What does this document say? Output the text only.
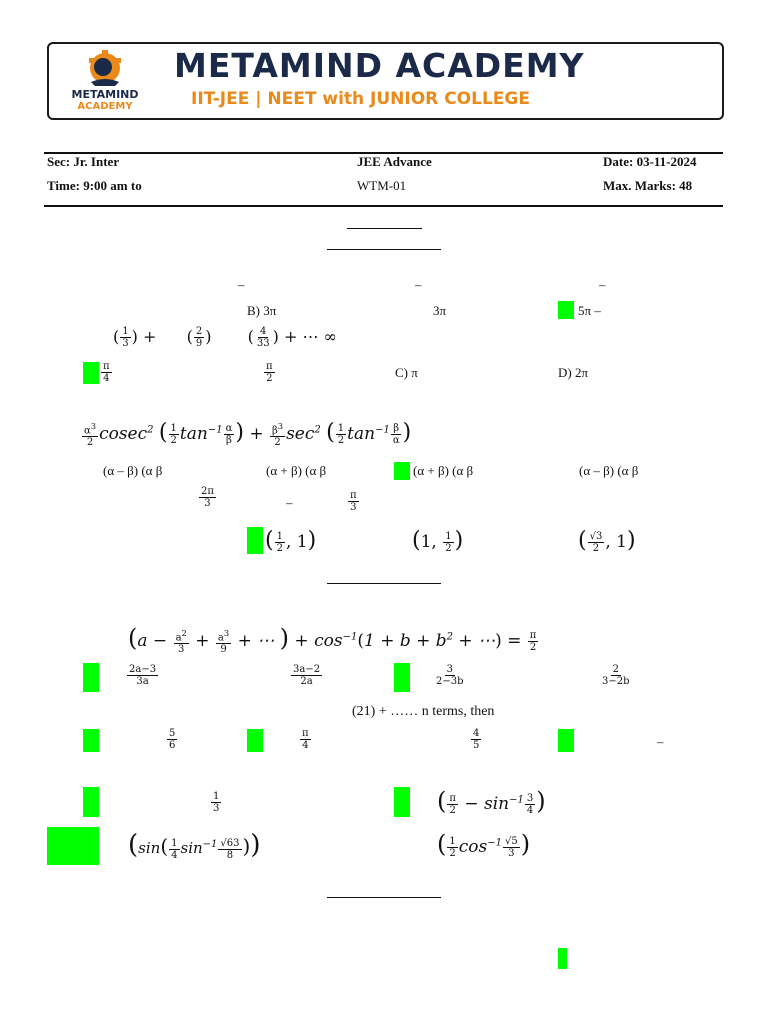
METAMIND
ACADEMY
METAMIND ACADEMY
IIT-JEE | NEET with JUNIOR COLLEGE
Sec: Jr. Inter	JEE Advance	Date: 03-11-2024
Time: 9:00 am to	WTM-01	Max. Marks: 48
–	–	–
B) 3π	3π	5π –
( $\frac{1}{3}$ ) + ( $\frac{2}{9}$ ) ( $\frac{4}{33}$ ) + ⋯ ∞
$\frac{\pi}{4}$	$\frac{\pi}{2}$	C) π	D) 2π
$\frac{\alpha^3}{2} cosec^2$ ( $\frac{1}{2} \tan^{-1} \frac{\alpha}{\beta}$ ) + $\frac{\beta^3}{2} \sec^2$ ( $\frac{1}{2} \tan^{-1} \frac{\beta}{\alpha}$ )
(α – β) (α β	(α + β) (α β	(α + β) (α β	(α – β) (α β
$\frac{2\pi}{3}$	–	$\frac{\pi}{3}$
( $\frac{1}{2}$ , 1)	(1, $\frac{1}{2}$ )	( $\frac{√3}{2}$ , 1)
($a - \frac{a^2}{3} + \frac{a^3}{9}$ + ⋯ ) + $\cos^{-1}(1 + b + b^2$ + ⋯) = $\frac{\pi}{2}$
$\frac{2a-3}{3a}$	$\frac{3a-2}{2a}$	$\frac{3}{2-3b}$	$\frac{2}{3-2b}$
(21) + …… n terms, then
$\frac{5}{6}$	$\frac{\pi}{4}$	$\frac{4}{5}$	–
$\frac{1}{3}$	( $\frac{\pi}{2} - \sin^{-1} \frac{3}{4}$ )
($\sin( \frac{1}{4} \sin^{-1} \frac{√63}{8}$ ))	( $\frac{1}{2} \cos^{-1} \frac{√5}{3}$ )
